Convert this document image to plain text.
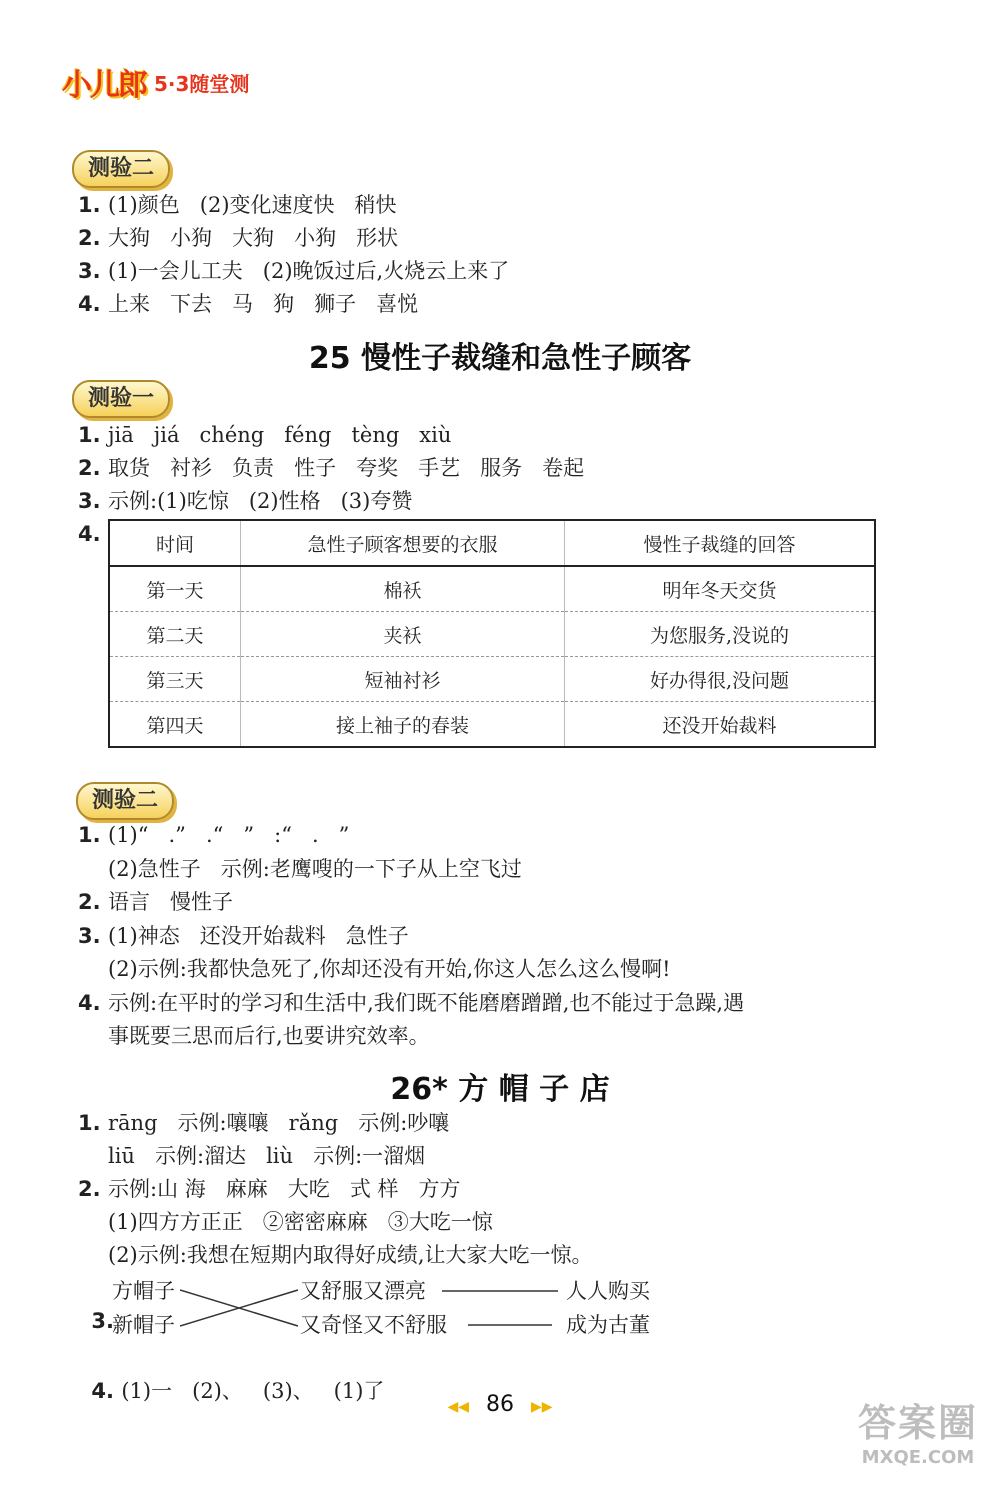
小儿郎 5·3随堂测
测验二
1. (1)颜色   (2)变化速度快   稍快
2. 大狗   小狗   大狗   小狗   形状
3. (1)一会儿工夫   (2)晚饭过后,火烧云上来了
4. 上来   下去   马   狗   狮子   喜悦
25 慢性子裁缝和急性子顾客
测验一
1. jiā   jiá   chéng   féng   tèng   xiù
2. 取货   衬衫   负责   性子   夸奖   手艺   服务   卷起
3. 示例:(1)吃惊   (2)性格   (3)夸赞
4.	时间	急性子顾客想要的衣服	慢性子裁缝的回答
第一天	棉袄	明年冬天交货
第二天	夹袄	为您服务,没说的
第三天	短袖衬衫	好办得很,没问题
第四天	接上袖子的春装	还没开始裁料
测验二
1. (1)“   .”   .“   ”   :“   .   ”
(2)急性子   示例:老鹰嗖的一下子从上空飞过
2. 语言   慢性子
3. (1)神态   还没开始裁料   急性子
(2)示例:我都快急死了,你却还没有开始,你这人怎么这么慢啊!
4. 示例:在平时的学习和生活中,我们既不能磨磨蹭蹭,也不能过于急躁,遇
事既要三思而后行,也要讲究效率。
26* 方 帽 子 店
1. rāng   示例:嚷嚷   rǎng   示例:吵嚷
liū   示例:溜达   liù   示例:一溜烟
2. 示例:山 海   麻麻   大吃   式 样   方方
(1)四方方正正   ②密密麻麻   ③大吃一惊
(2)示例:我想在短期内取得好成绩,让大家大吃一惊。

3.

方帽子
新帽子
又舒服又漂亮
又奇怪又不舒服
人人购买
成为古董

4. (1)一   (2)、   (3)、   (1)了

◀◀ 86 ▶▶	答案圈
MXQE.COM
